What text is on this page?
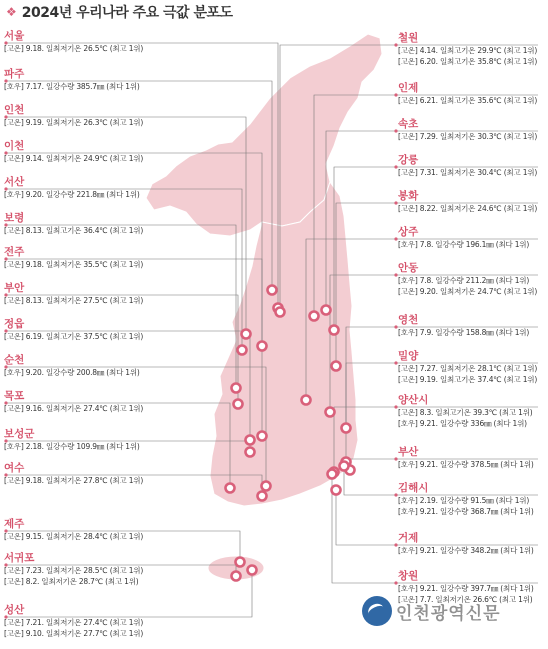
❖ 2024년 우리나라 주요 극값 분포도
서울
[고온] 9.18. 일최저기온 26.5℃ (최고 1위)
파주
[호우] 7.17. 일강수량 385.7㎜ (최다 1위)
인천
[고온] 9.19. 일최저기온 26.3℃ (최고 1위)
이천
[고온] 9.14. 일최저기온 24.9℃ (최고 1위)
서산
[호우] 9.20. 일강수량 221.8㎜ (최다 1위)
보령
[고온] 8.13. 일최고기온 36.4℃ (최고 1위)
전주
[고온] 9.18. 일최저기온 35.5℃ (최고 1위)
부안
[고온] 8.13. 일최저기온 27.5℃ (최고 1위)
정읍
[고온] 6.19. 일최고기온 37.5℃ (최고 1위)
순천
[호우] 9.20. 일강수량 200.8㎜ (최다 1위)
목포
[고온] 9.16. 일최저기온 27.4℃ (최고 1위)
보성군
[호우] 2.18. 일강수량 109.9㎜ (최다 1위)
여수
[고온] 9.18. 일최저기온 27.8℃ (최고 1위)
제주
[고온] 9.15. 일최저기온 28.4℃ (최고 1위)
서귀포
[고온] 7.23. 일최저기온 28.5℃ (최고 1위)
[고온] 8.2. 일최저기온 28.7℃ (최고 1위)
성산
[고온] 7.21. 일최저기온 27.4℃ (최고 1위)
[고온] 9.10. 일최저기온 27.7℃ (최고 1위)
철원
[고온] 4.14. 일최고기온 29.9℃ (최고 1위)
[고온] 6.20. 일최고기온 35.8℃ (최고 1위)
인제
[고온] 6.21. 일최고기온 35.6℃ (최고 1위)
속초
[고온] 7.29. 일최저기온 30.3℃ (최고 1위)
강릉
[고온] 7.31. 일최저기온 30.4℃ (최고 1위)
봉화
[고온] 8.22. 일최저기온 24.6℃ (최고 1위)
상주
[호우] 7.8. 일강수량 196.1㎜ (최다 1위)
안동
[호우] 7.8. 일강수량 211.2㎜ (최다 1위)
[고온] 9.20. 일최저기온 24.7℃ (최고 1위)
영천
[호우] 7.9. 일강수량 158.8㎜ (최다 1위)
밀양
[고온] 7.27. 일최저기온 28.1℃ (최고 1위)
[고온] 9.19. 일최고기온 37.4℃ (최고 1위)
양산시
[고온] 8.3. 일최고기온 39.3℃ (최고 1위)
[호우] 9.21. 일강수량 336㎜ (최다 1위)
부산
[호우] 9.21. 일강수량 378.5㎜ (최다 1위)
김해시
[호우] 2.19. 일강수량 91.5㎜ (최다 1위)
[호우] 9.21. 일강수량 368.7㎜ (최다 1위)
거제
[호우] 9.21. 일강수량 348.2㎜ (최다 1위)
창원
[호우] 9.21. 일강수량 397.7㎜ (최다 1위)
[고온] 7.7. 일최저기온 26.6℃ (최고 1위)
인천광역신문
